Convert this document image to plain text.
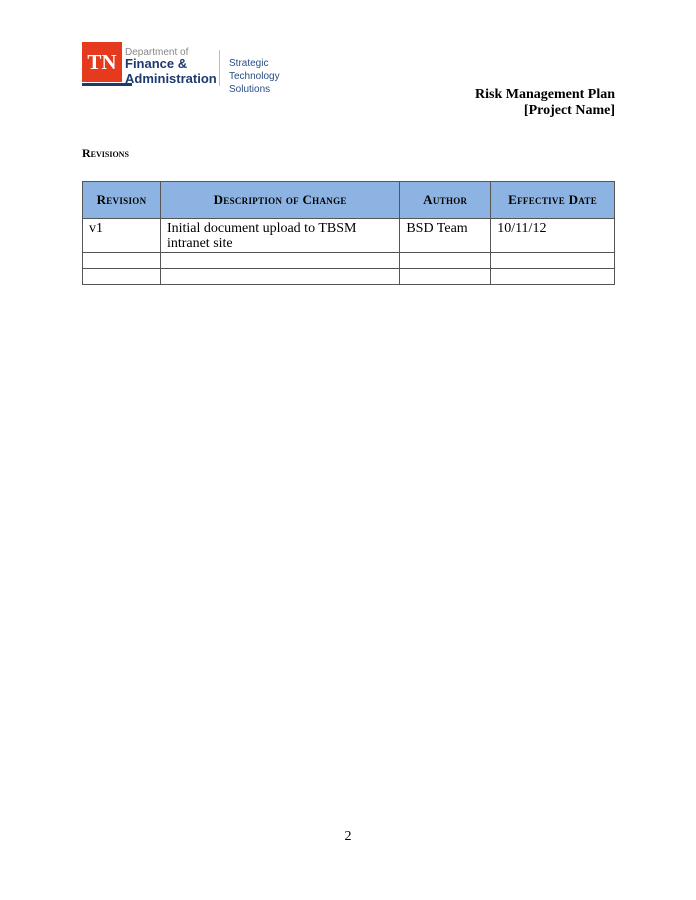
TN Department of
Finance &
Administration
Strategic
Technology Solutions	Risk Management Plan
[Project Name]
Revisions
Revision	Description of Change	Author	Effective Date
v1	Initial document upload to TBSM intranet site	BSD Team	10/11/12

2
